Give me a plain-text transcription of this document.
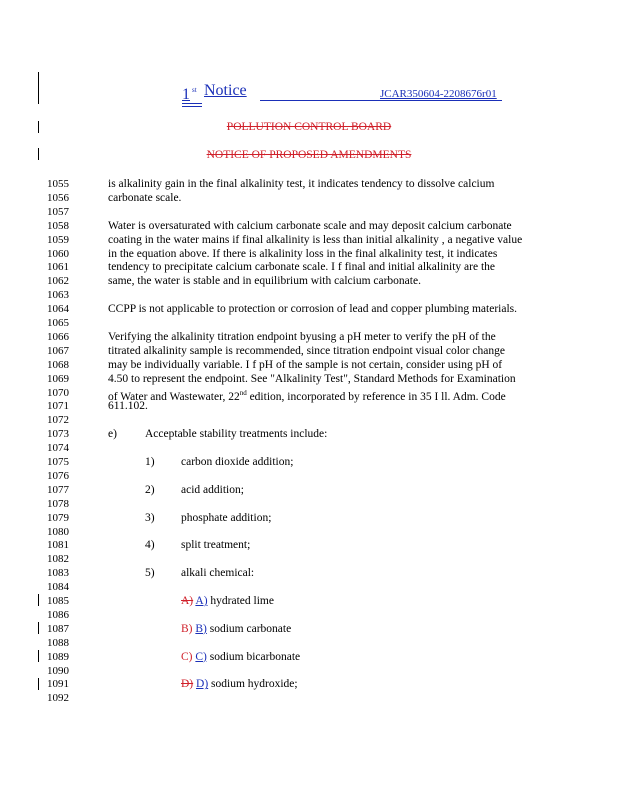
1 st Notice	JCAR350604-2208676r01
POLLUTION CONTROL BOARD
NOTICE OF PROPOSED AMENDMENTS
1055
1056
1057
1058
1059
1060
1061
1062
1063
1064
1065
1066
1067
1068
1069
1070
1071
1072
1073
1074
1075
1076
1077
1078
1079
1080
1081
1082
1083
1084
1085
1086
1087
1088
1089
1090
1091
1092
is alkalinity gain in the final alkalinity test, it indicates tendency to dissolve calcium
carbonate scale.
Water is oversaturated with calcium carbonate scale and may deposit calcium carbonate
coating in the water mains if final alkalinity is less than initial alkalinity , a negative value
in the equation above. If there is alkalinity loss in the final alkalinity test, it indicates
tendency to precipitate calcium carbonate scale. I f final and initial alkalinity are the
same, the water is stable and in equilibrium with calcium carbonate.
CCPP is not applicable to protection or corrosion of lead and copper plumbing materials.
Verifying the alkalinity titration endpoint byusing a pH meter to verify the pH of the
titrated alkalinity sample is recommended, since titration endpoint visual color change
may be individually variable. I f pH of the sample is not certain, consider using pH of
4.50 to represent the endpoint. See "Alkalinity Test", Standard Methods for Examination
of Water and Wastewater, 22nd edition, incorporated by reference in 35 I ll. Adm. Code
611.102.
e) Acceptable stability treatments include:
1) carbon dioxide addition;
2) acid addition;
3) phosphate addition;
4) split treatment;
5) alkali chemical:
A) A) hydrated lime
B) B) sodium carbonate
C) C) sodium bicarbonate
D) D) sodium hydroxide;
